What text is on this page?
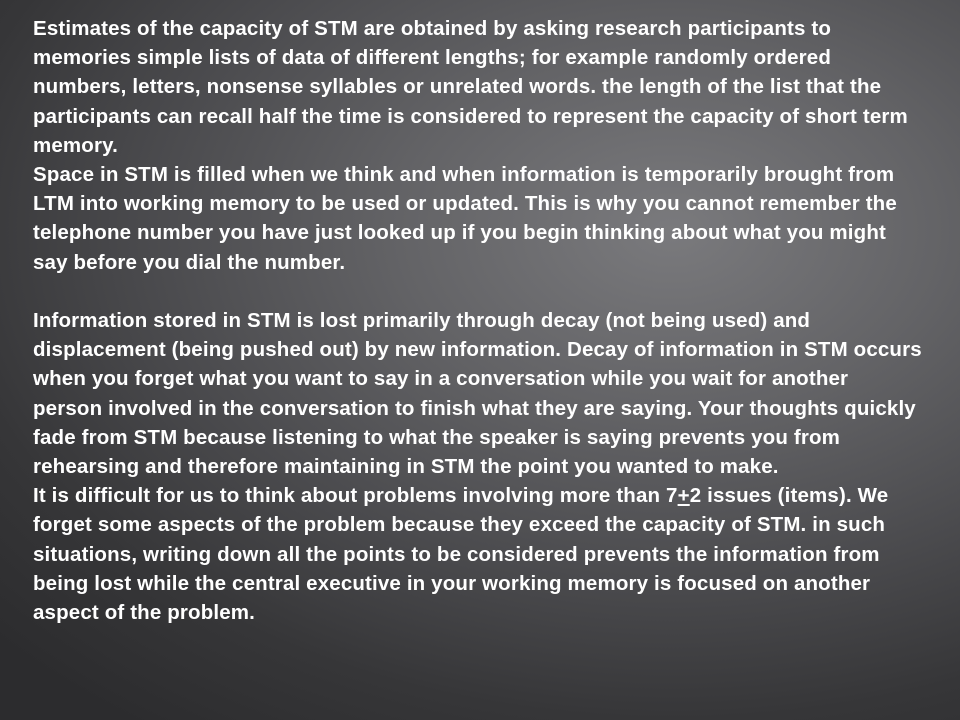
Estimates of the capacity of STM are obtained by asking research participants to memories simple lists of data of different lengths; for example randomly ordered numbers, letters, nonsense syllables or unrelated words. the length of the list that the participants can recall half the time is considered to represent the capacity of short term memory.

Space in STM is filled when we think and when information is temporarily brought from LTM into working memory to be used or updated. This is why you cannot remember the telephone number you have just looked up if you begin thinking about what you might say before you dial the number.

Information stored in STM is lost primarily through decay (not being used) and displacement (being pushed out) by new information. Decay of information in STM occurs when you forget what you want to say in a conversation while you wait for another person involved in the conversation to finish what they are saying. Your thoughts quickly fade from STM because listening to what the speaker is saying prevents you from rehearsing and therefore maintaining in STM the point you wanted to make.

It is difficult for us to think about problems involving more than 7+2 issues (items). We forget some aspects of the problem because they exceed the capacity of STM. in such situations, writing down all the points to be considered prevents the information from being lost while the central executive in your working memory is focused on another aspect of the problem.
